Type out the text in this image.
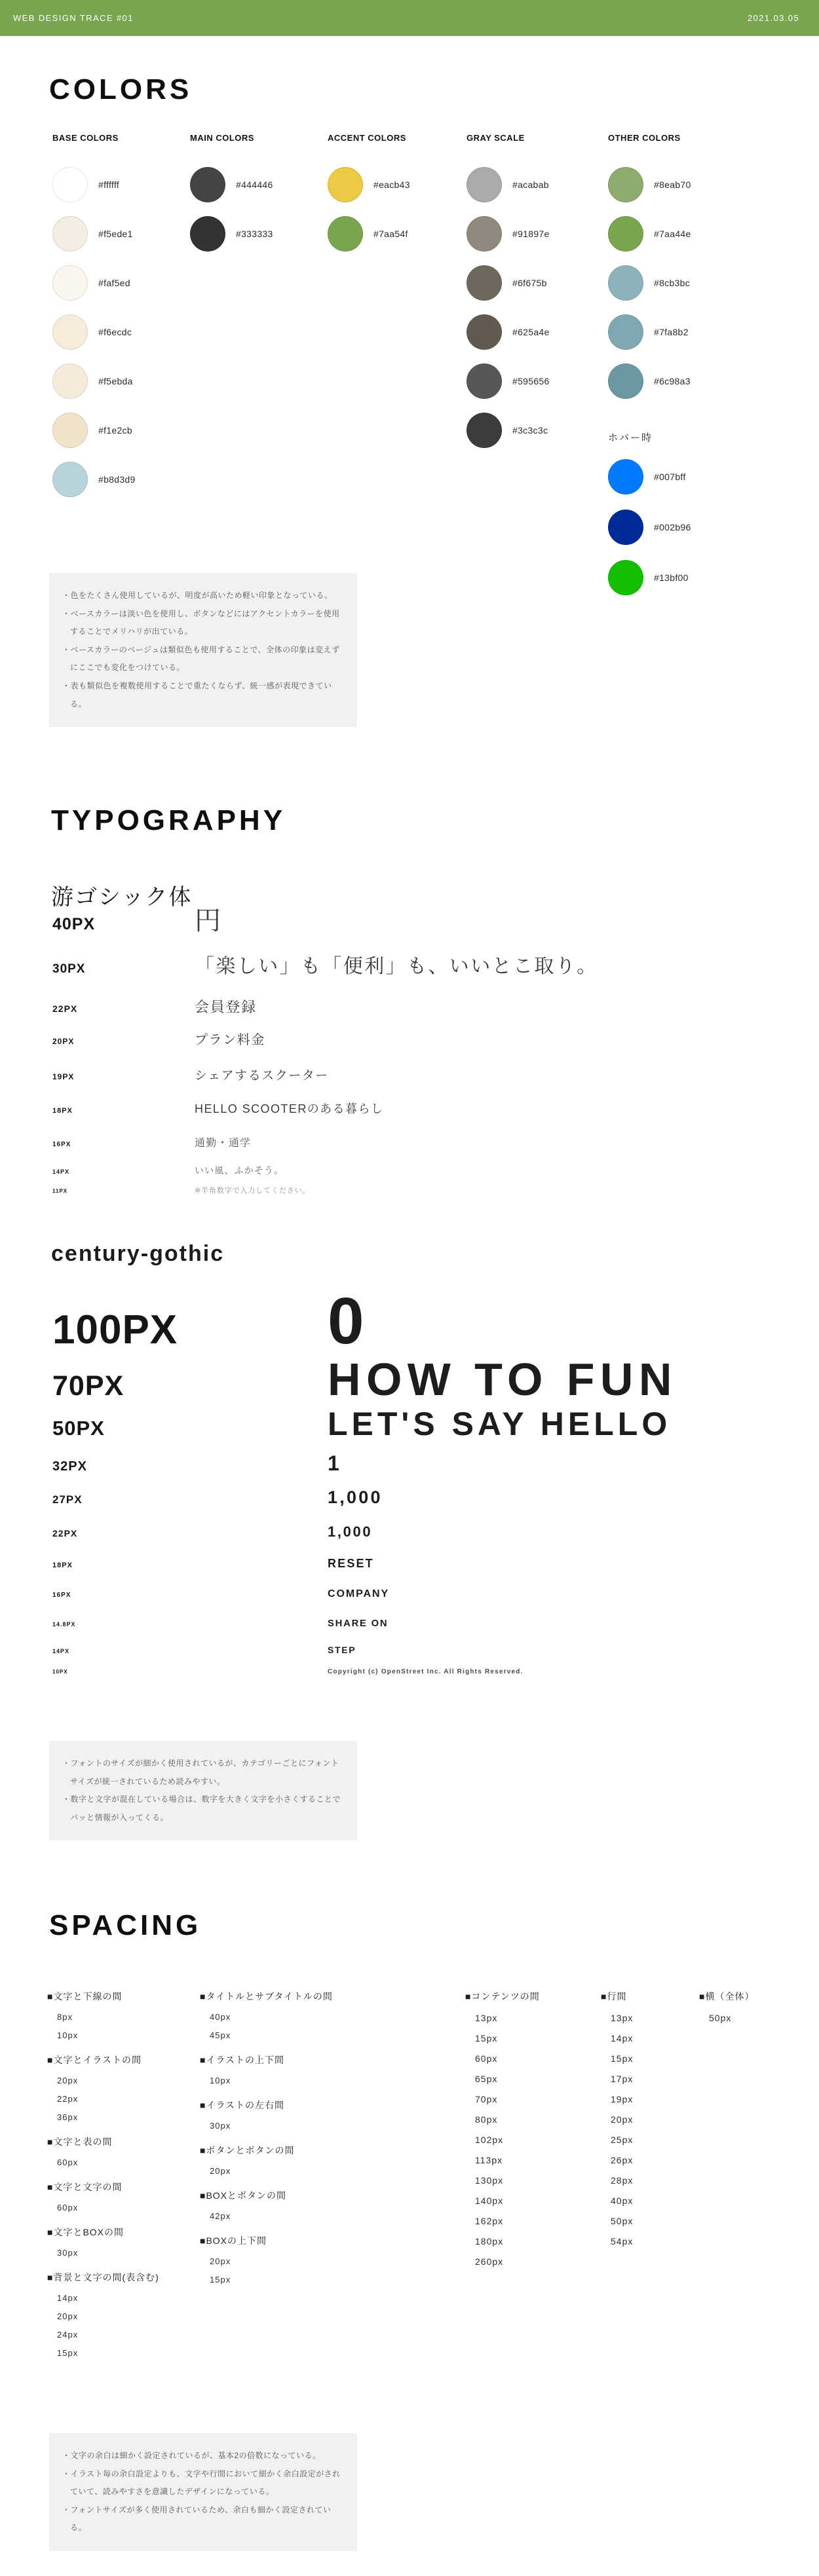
WEB DESIGN TRACE #01	2021.03.05
COLORS
BASE COLORS
#ffffff
#f5ede1
#faf5ed
#f6ecdc
#f5ebda
#f1e2cb
#b8d3d9
MAIN COLORS
#444446
#333333
ACCENT COLORS
#eacb43
#7aa54f
GRAY SCALE
#acabab
#91897e
#6f675b
#625a4e
#595656
#3c3c3c
OTHER COLORS
#8eab70
#7aa44e
#8cb3bc
#7fa8b2
#6c98a3
ホバー時
#007bff
#002b96
#13bf00

・色をたくさん使用しているが、明度が高いため軽い印象となっている。

・ベースカラーは淡い色を使用し、ボタンなどにはアクセントカラーを使用することでメリハリが出ている。

・ベースカラーのベージュは類似色も使用することで、全体の印象は変えずにここでも変化をつけている。

・表も類似色を複数使用することで重たくならず、統一感が表現できている。

TYPOGRAPHY
游ゴシック体
40PX	円
30PX	「楽しい」も「便利」も、いいとこ取り。
22PX	会員登録
20PX	プラン料金
19PX	シェアするスクーター
18PX	HELLO SCOOTERのある暮らし
16PX	通勤・通学
14PX	いい風、ふかそう。
11PX	※半角数字で入力してください。
century-gothic
100PX	0
70PX	HOW TO FUN
50PX	LET'S SAY HELLO
32PX	1
27PX	1,000
22PX	1,000
18PX	RESET
16PX	COMPANY
14.8PX	SHARE ON
14PX	STEP
10PX	Copyright (c) OpenStreet Inc. All Rights Reserved.

・フォントのサイズが細かく使用されているが、カテゴリーごとにフォントサイズが統一されているため読みやすい。

・数字と文字が混在している場合は、数字を大きく文字を小さくすることでパッと情報が入ってくる。

SPACING
■文字と下線の間
8px
10px
■文字とイラストの間
20px
22px
36px
■文字と表の間
60px
■文字と文字の間
60px
■文字とBOXの間
30px
■背景と文字の間(表含む)
14px
20px
24px
15px
■タイトルとサブタイトルの間
40px
45px
■イラストの上下間
10px
■イラストの左右間
30px
■ボタンとボタンの間
20px
■BOXとボタンの間
42px
■BOXの上下間
20px
15px
■コンテンツの間
13px
15px
60px
65px
70px
80px
102px
113px
130px
140px
162px
180px
260px
■行間
13px
14px
15px
17px
19px
20px
25px
26px
28px
40px
50px
54px
■横（全体）
50px

・文字の余白は細かく設定されているが、基本2の倍数になっている。

・イラスト毎の余白設定よりも、文字や行間において細かく余白設定がされていて、読みやすさを意識したデザインになっている。

・フォントサイズが多く使用されているため、余白も細かく設定されている。
